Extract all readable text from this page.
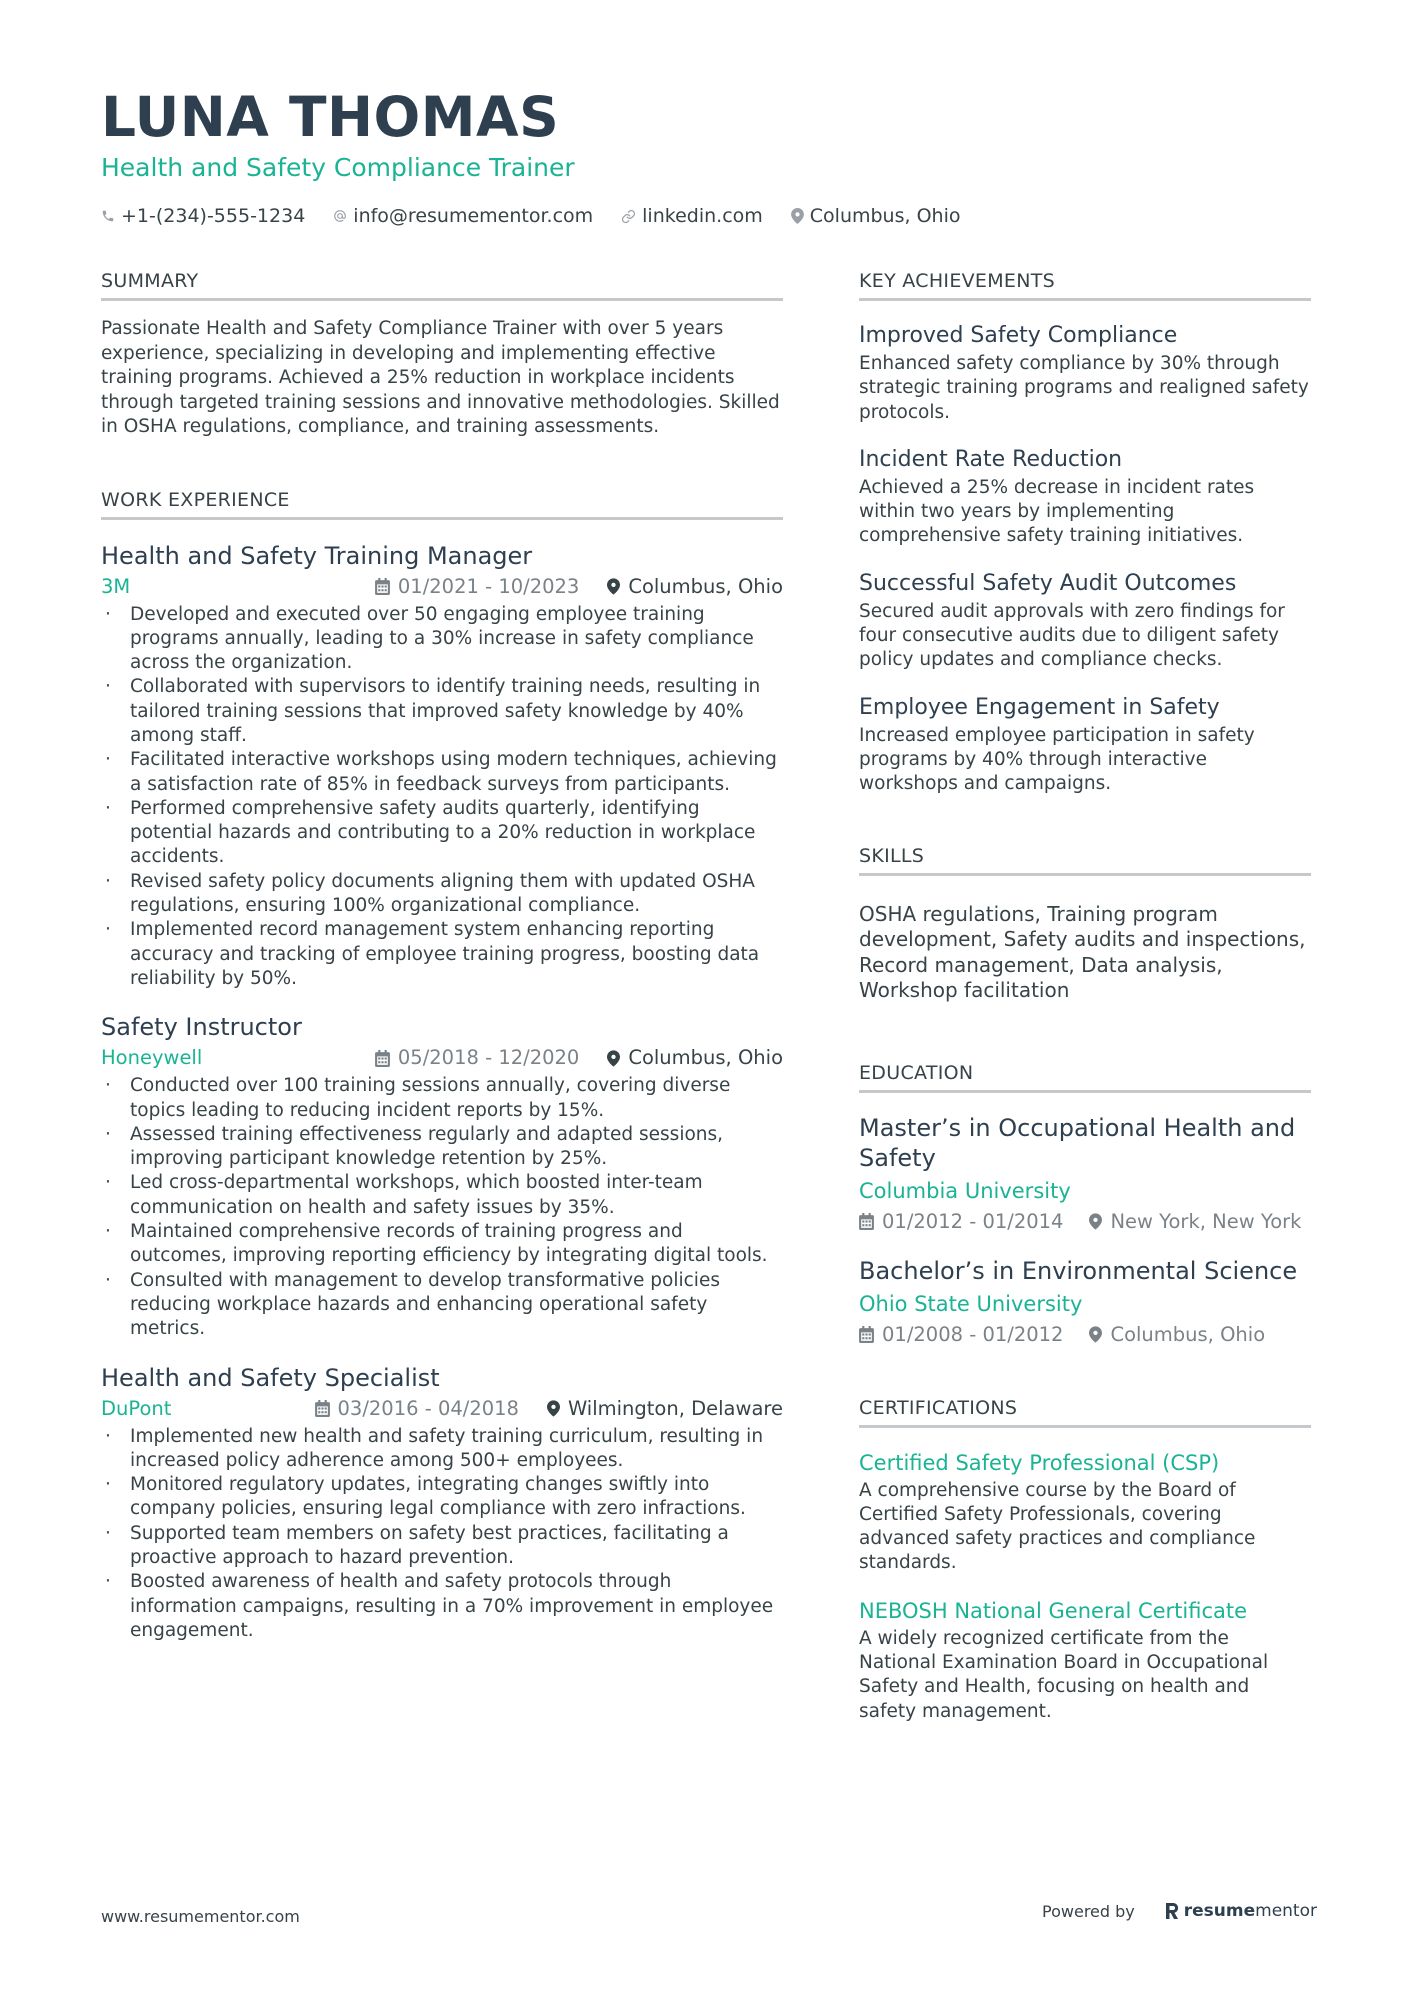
LUNA THOMAS
Health and Safety Compliance Trainer
+1-(234)-555-1234	info@resumementor.com	linkedin.com Columbus, Ohio
SUMMARY
Passionate Health and Safety Compliance Trainer with over 5 years experience, specializing in developing and implementing effective training programs. Achieved a 25% reduction in workplace incidents through targeted training sessions and innovative methodologies. Skilled in OSHA regulations, compliance, and training assessments.
WORK EXPERIENCE
Health and Safety Training Manager
3M	01/2021 - 10/2023	Columbus, Ohio
· Developed and executed over 50 engaging employee training programs annually, leading to a 30% increase in safety compliance across the organization.
· Collaborated with supervisors to identify training needs, resulting in tailored training sessions that improved safety knowledge by 40% among staff.
· Facilitated interactive workshops using modern techniques, achieving a satisfaction rate of 85% in feedback surveys from participants.
· Performed comprehensive safety audits quarterly, identifying potential hazards and contributing to a 20% reduction in workplace accidents.
· Revised safety policy documents aligning them with updated OSHA regulations, ensuring 100% organizational compliance.
· Implemented record management system enhancing reporting accuracy and tracking of employee training progress, boosting data reliability by 50%.
Safety Instructor
Honeywell	05/2018 - 12/2020	Columbus, Ohio
· Conducted over 100 training sessions annually, covering diverse topics leading to reducing incident reports by 15%.
· Assessed training effectiveness regularly and adapted sessions, improving participant knowledge retention by 25%.
· Led cross-departmental workshops, which boosted inter-team communication on health and safety issues by 35%.
· Maintained comprehensive records of training progress and outcomes, improving reporting efficiency by integrating digital tools.
· Consulted with management to develop transformative policies reducing workplace hazards and enhancing operational safety metrics.
Health and Safety Specialist
DuPont	03/2016 - 04/2018	Wilmington, Delaware
· Implemented new health and safety training curriculum, resulting in increased policy adherence among 500+ employees.
· Monitored regulatory updates, integrating changes swiftly into company policies, ensuring legal compliance with zero infractions.
· Supported team members on safety best practices, facilitating a proactive approach to hazard prevention.
· Boosted awareness of health and safety protocols through information campaigns, resulting in a 70% improvement in employee engagement.
KEY ACHIEVEMENTS
Improved Safety Compliance
Enhanced safety compliance by 30% through strategic training programs and realigned safety protocols.
Incident Rate Reduction
Achieved a 25% decrease in incident rates within two years by implementing comprehensive safety training initiatives.
Successful Safety Audit Outcomes
Secured audit approvals with zero findings for four consecutive audits due to diligent safety policy updates and compliance checks.
Employee Engagement in Safety
Increased employee participation in safety programs by 40% through interactive workshops and campaigns.
SKILLS
OSHA regulations, Training program development, Safety audits and inspections, Record management, Data analysis, Workshop facilitation
EDUCATION
Master’s in Occupational Health and Safety
Columbia University
01/2012 - 01/2014 New York, New York
Bachelor’s in Environmental Science
Ohio State University
01/2008 - 01/2012 Columbus, Ohio
CERTIFICATIONS
Certified Safety Professional (CSP)
A comprehensive course by the Board of Certified Safety Professionals, covering advanced safety practices and compliance standards.
NEBOSH National General Certificate
A widely recognized certificate from the National Examination Board in Occupational Safety and Health, focusing on health and safety management.
www.resumementor.com	Powered by	resume mentor
